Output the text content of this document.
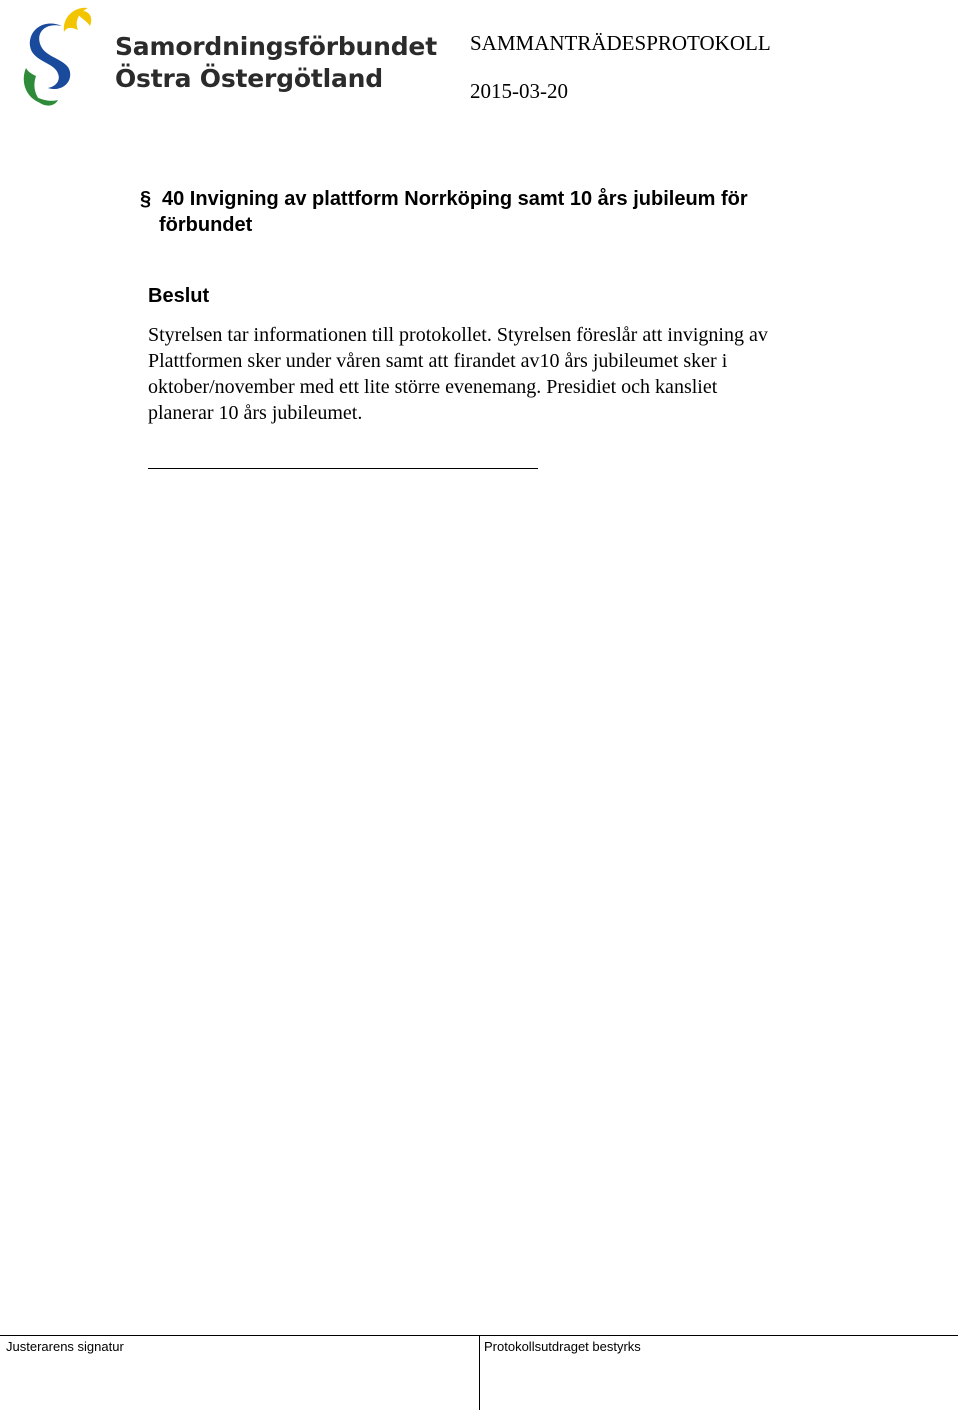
Samordningsförbundet
Östra Östergötland
SAMMANTRÄDESPROTOKOLL
2015-03-20
§ 40 Invigning av plattform Norrköping samt 10 års jubileum för
förbundet
Beslut
Styrelsen tar informationen till protokollet. Styrelsen föreslår att invigning av
Plattformen sker under våren samt att firandet av10 års jubileumet sker i
oktober/november med ett lite större evenemang. Presidiet och kansliet
planerar 10 års jubileumet.
Justerarens signatur	Protokollsutdraget bestyrks
